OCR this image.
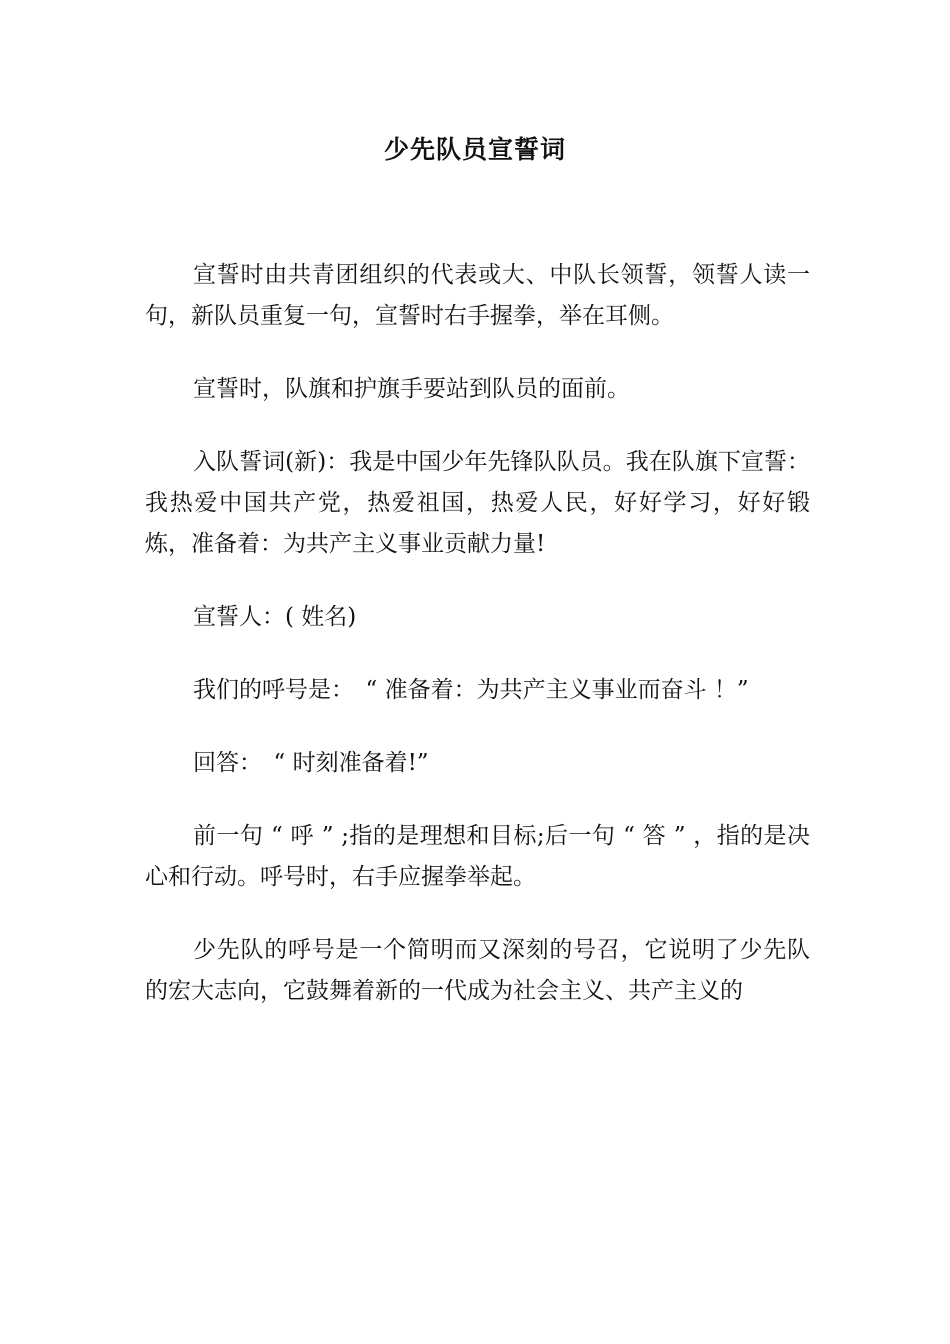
少先队员宣誓词

宣誓时由共青团组织的代表或大、中队长领誓，领誓人读一句，新队员重复一句，宣誓时右手握拳，举在耳侧。

宣誓时，队旗和护旗手要站到队员的面前。

入队誓词(新)：我是中国少年先锋队队员。我在队旗下宣誓：我热爱中国共产党，热爱祖国，热爱人民，好好学习，好好锻炼，准备着：为共产主义事业贡献力量!

宣誓人：( 姓名)

我们的呼号是：　“ 准备着：为共产主义事业而奋斗 ！”

回答：　“ 时刻准备着!”

前一句 “ 呼 ” ;指的是理想和目标;后一句 “ 答 ” ，指的是决心和行动。呼号时，右手应握拳举起。

少先队的呼号是一个简明而又深刻的号召，它说明了少先队的宏大志向，它鼓舞着新的一代成为社会主义、共产主义的
